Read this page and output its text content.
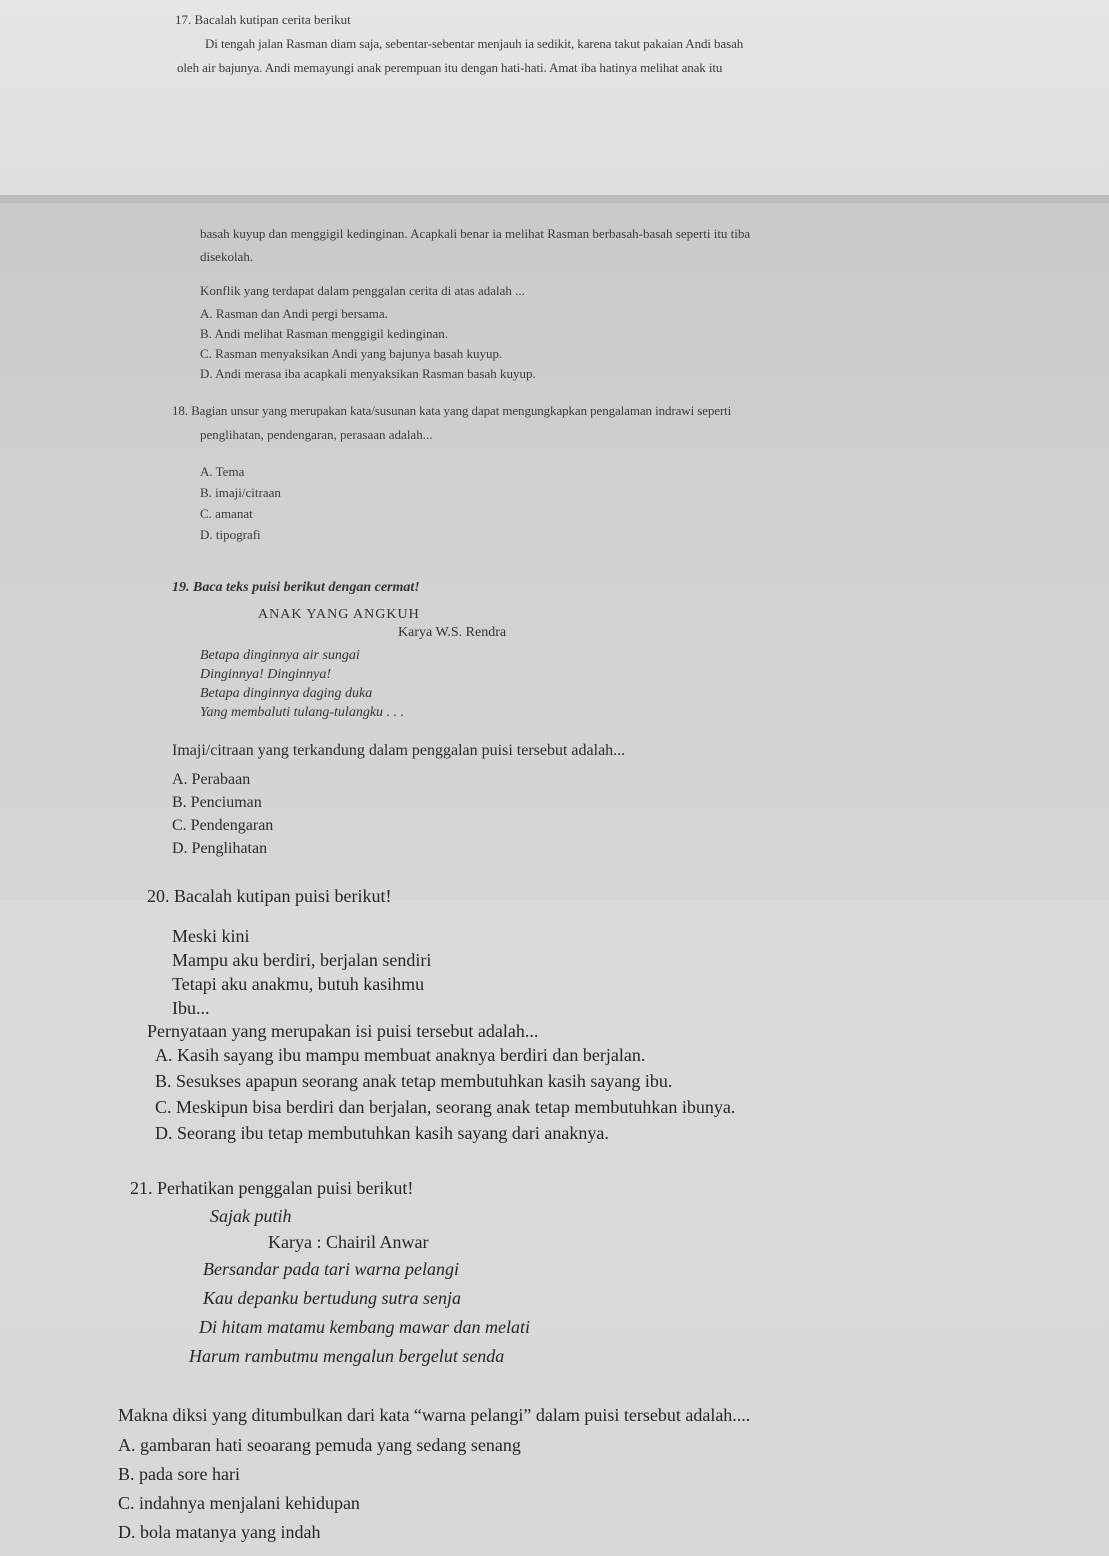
17. Bacalah kutipan cerita berikut
Di tengah jalan Rasman diam saja, sebentar-sebentar menjauh ia sedikit, karena takut pakaian Andi basah
oleh air bajunya. Andi memayungi anak perempuan itu dengan hati-hati. Amat iba hatinya melihat anak itu
basah kuyup dan menggigil kedinginan. Acapkali benar ia melihat Rasman berbasah-basah seperti itu tiba
disekolah.
Konflik yang terdapat dalam penggalan cerita di atas adalah ...
A. Rasman dan Andi pergi bersama.
B. Andi melihat Rasman menggigil kedinginan.
C. Rasman menyaksikan Andi yang bajunya basah kuyup.
D. Andi merasa iba acapkali menyaksikan Rasman basah kuyup.
18. Bagian unsur yang merupakan kata/susunan kata yang dapat mengungkapkan pengalaman indrawi seperti
penglihatan, pendengaran, perasaan adalah...
A. Tema
B. imaji/citraan
C. amanat
D. tipografi
19. Baca teks puisi berikut dengan cermat!
ANAK YANG ANGKUH
Karya W.S. Rendra
Betapa dinginnya air sungai
Dinginnya! Dinginnya!
Betapa dinginnya daging duka
Yang membaluti tulang-tulangku . . .
Imaji/citraan yang terkandung dalam penggalan puisi tersebut adalah...
A. Perabaan
B. Penciuman
C. Pendengaran
D. Penglihatan
20. Bacalah kutipan puisi berikut!
Meski kini
Mampu aku berdiri, berjalan sendiri
Tetapi aku anakmu, butuh kasihmu
Ibu...
Pernyataan yang merupakan isi puisi tersebut adalah...
A. Kasih sayang ibu mampu membuat anaknya berdiri dan berjalan.
B. Sesukses apapun seorang anak tetap membutuhkan kasih sayang ibu.
C. Meskipun bisa berdiri dan berjalan, seorang anak tetap membutuhkan ibunya.
D. Seorang ibu tetap membutuhkan kasih sayang dari anaknya.
21. Perhatikan penggalan puisi berikut!
Sajak putih
Karya : Chairil Anwar
Bersandar pada tari warna pelangi
Kau depanku bertudung sutra senja
Di hitam matamu kembang mawar dan melati
Harum rambutmu mengalun bergelut senda
Makna diksi yang ditumbulkan dari kata “warna pelangi” dalam puisi tersebut adalah....
A. gambaran hati seoarang pemuda yang sedang senang
B. pada sore hari
C. indahnya menjalani kehidupan
D. bola matanya yang indah
